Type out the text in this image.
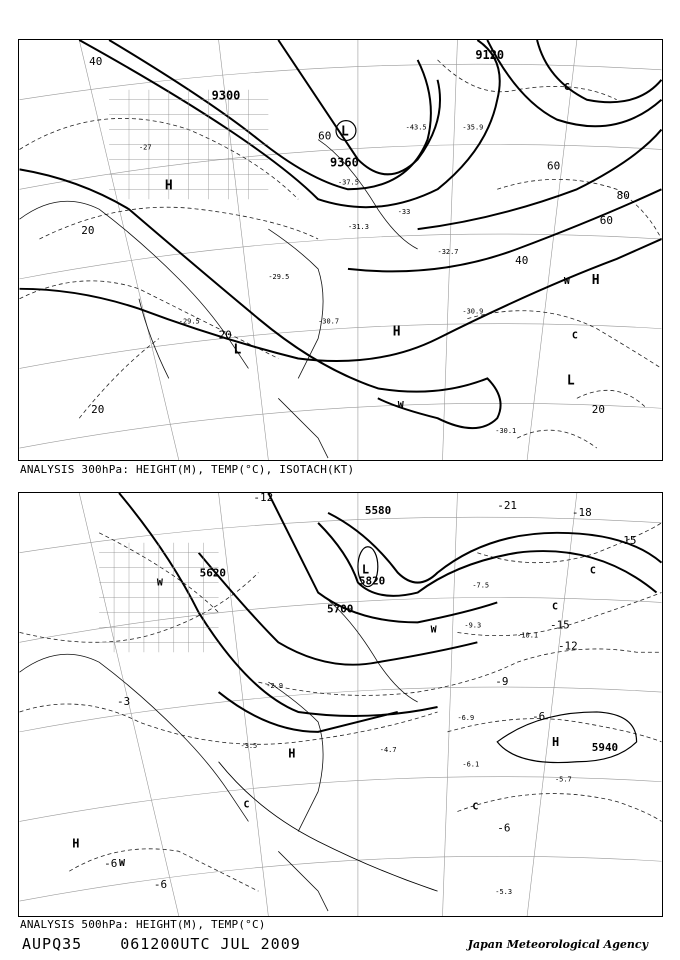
9120
9300
9360
20
40
60
80
20	20
20
40
60
60
-27
-29.5
-31.3
-33
-35.9
-30.7
-30.9
-29.5
-32.7
-37.5
-43.5
-30.1
H
L
L
H
L
W
W H
C
C
ANALYSIS 300hPa: HEIGHT(M), TEMP(°C), ISOTACH(KT)
5580
5620
5700
5820
5940
-3
-6
-9
-12
-15
-18
-21
-12
-6
-6
-6
-15
-7.5
-9.3
-10.1
-6.9
-5.3
-4.7
-3.5
-2.9
-5.7
-6.1
L
W
H
H
W
C
C
C
C
W
H
ANALYSIS 500hPa: HEIGHT(M), TEMP(°C)
AUPQ35	061200UTC JUL 2009	Japan Meteorological Agency
